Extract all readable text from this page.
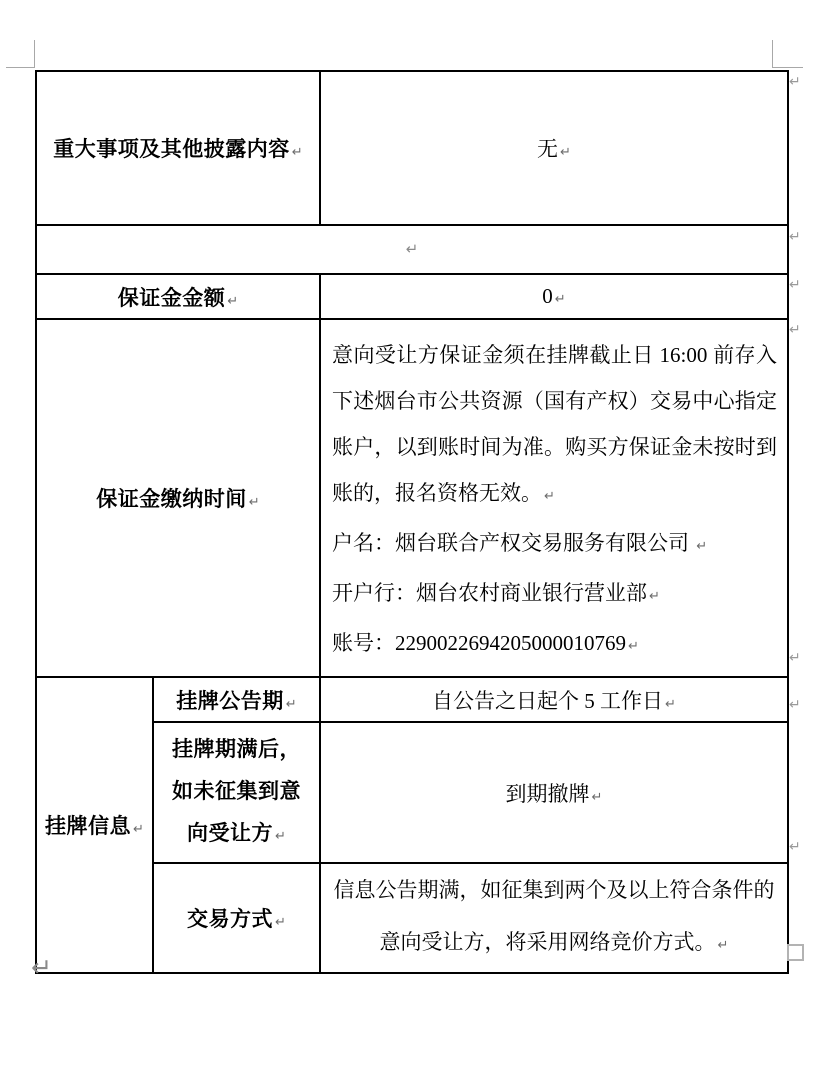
重大事项及其他披露内容 ↵		无 ↵

↵		

保证金金额 ↵		0 ↵
保证金缴纳时间 ↵		意向受让方保证金须在挂牌截止日 16:00 前存入下述烟台市公共资源（国有产权）交易中心指定账户，以到账时间为准。购买方保证金未按时到账的，报名资格无效。 ↵
户名：烟台联合产权交易服务有限公司 ↵
开户行：烟台农村商业银行营业部 ↵
账号：2290022694205000010769 ↵

挂牌信息 ↵	挂牌公告期 ↵	自公告之日起个 5 工作日 ↵
	挂牌期满后，如未征集到意向受让方 ↵	到期撤牌 ↵
	交易方式 ↵	信息公告期满，如征集到两个及以上符合条件的意向受让方，将采用网络竞价方式。 ↵
↵
↵
↵
↵
↵
↵
↵
↵
